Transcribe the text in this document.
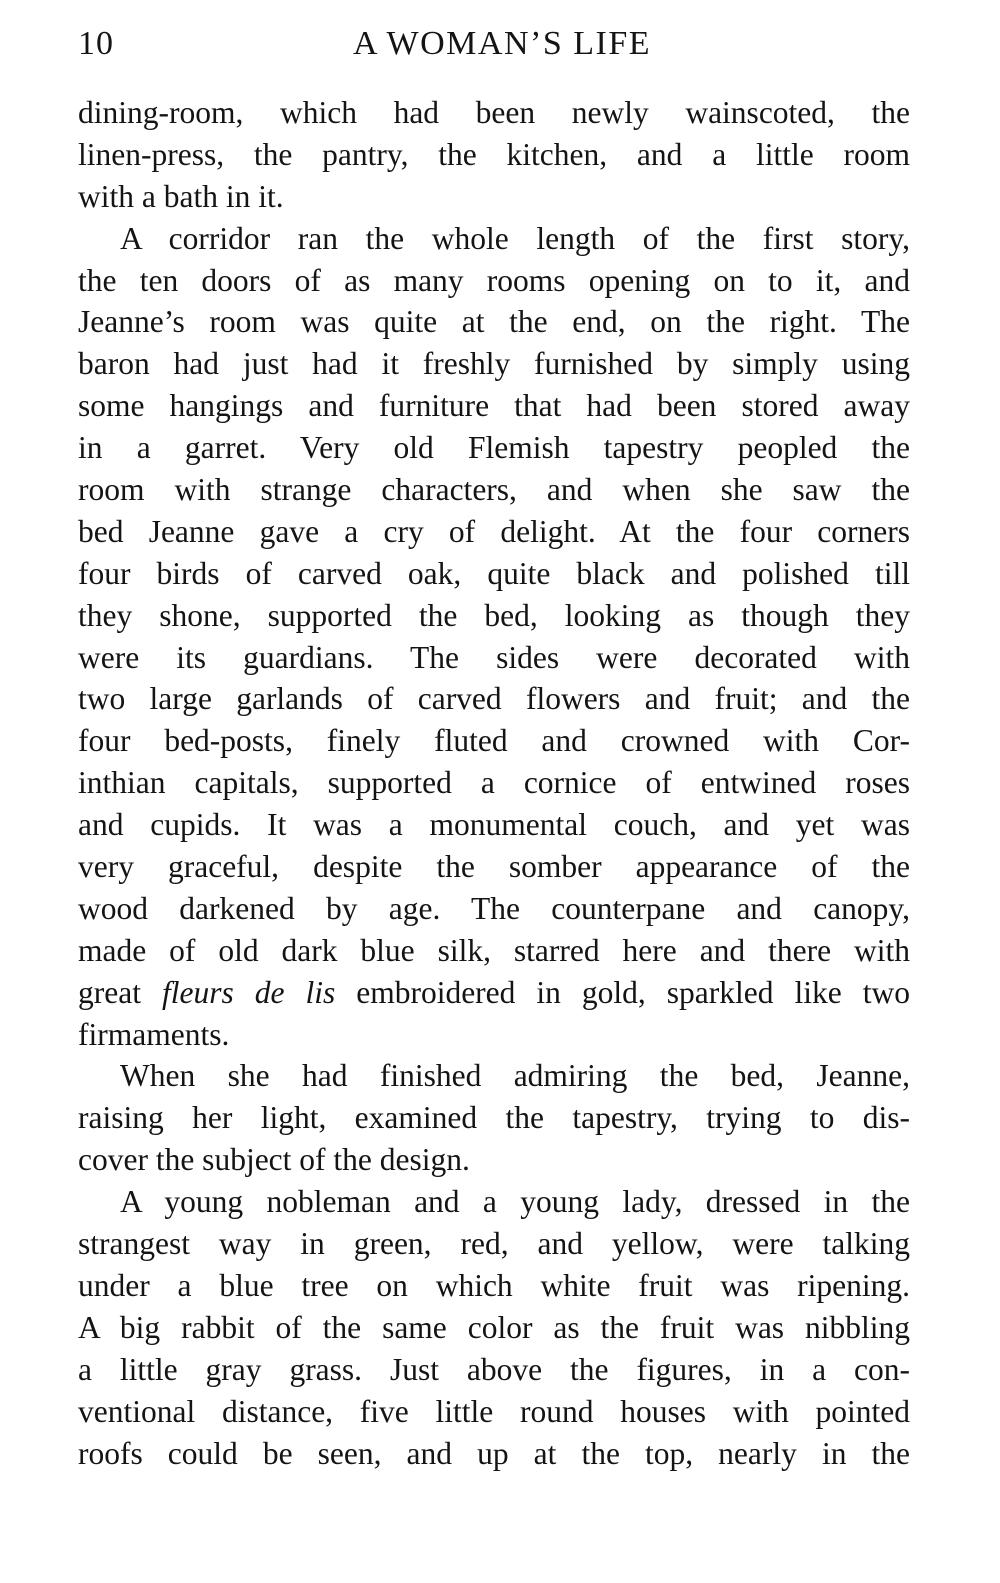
10	A WOMAN’S LIFE
dining-room, which had been newly wainscoted, the
linen-press, the pantry, the kitchen, and a little room
with a bath in it.
A corridor ran the whole length of the first story,
the ten doors of as many rooms opening on to it, and
Jeanne’s room was quite at the end, on the right. The
baron had just had it freshly furnished by simply using
some hangings and furniture that had been stored away
in a garret. Very old Flemish tapestry peopled the
room with strange characters, and when she saw the
bed Jeanne gave a cry of delight. At the four corners
four birds of carved oak, quite black and polished till
they shone, supported the bed, looking as though they
were its guardians. The sides were decorated with
two large garlands of carved flowers and fruit; and the
four bed-posts, finely fluted and crowned with Cor-
inthian capitals, supported a cornice of entwined roses
and cupids. It was a monumental couch, and yet was
very graceful, despite the somber appearance of the
wood darkened by age. The counterpane and canopy,
made of old dark blue silk, starred here and there with
great fleurs de lis embroidered in gold, sparkled like two
firmaments.
When she had finished admiring the bed, Jeanne,
raising her light, examined the tapestry, trying to dis-
cover the subject of the design.
A young nobleman and a young lady, dressed in the
strangest way in green, red, and yellow, were talking
under a blue tree on which white fruit was ripening.
A big rabbit of the same color as the fruit was nibbling
a little gray grass. Just above the figures, in a con-
ventional distance, five little round houses with pointed
roofs could be seen, and up at the top, nearly in the
